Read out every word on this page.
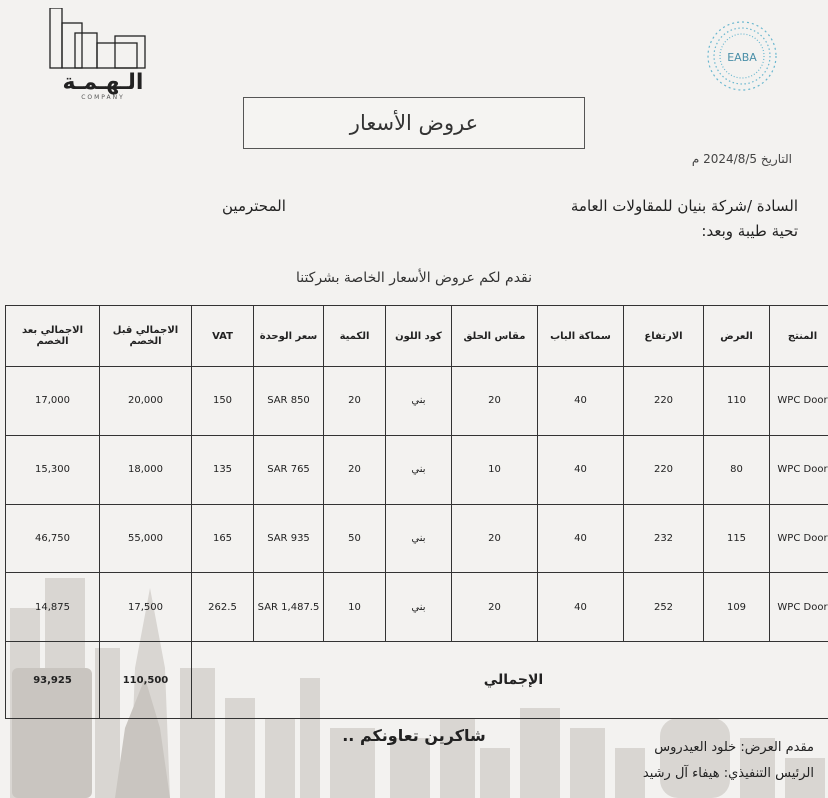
الـهـمـة
COMPANY
EABA
عروض الأسعار
التاريخ 2024/8/5 م
السادة /شركة بنيان للمقاولات العامة
المحترمين
تحية طيبة وبعد:
نقدم لكم عروض الأسعار الخاصة بشركتنا
المنتج	العرض	الارتفاع	سماكة الباب	مقاس الحلق	كود اللون	الكمية	سعر الوحدة	VAT	الاجمالي قبل الخصم	الاجمالي بعد الخصم
WPC Door	110	220	40	20	بني	20	850 SAR	150	20,000	17,000
WPC Door	80	220	40	10	بني	20	765 SAR	135	18,000	15,300
WPC Door	115	232	40	20	بني	50	935 SAR	165	55,000	46,750
WPC Door	109	252	40	20	بني	10	1,487.5 SAR	262.5	17,500	14,875
الإجمالي									110,500	93,925
شاكرين تعاونكم ..
مقدم العرض: خلود العيدروس
الرئيس التنفيذي: هيفاء آل رشيد
